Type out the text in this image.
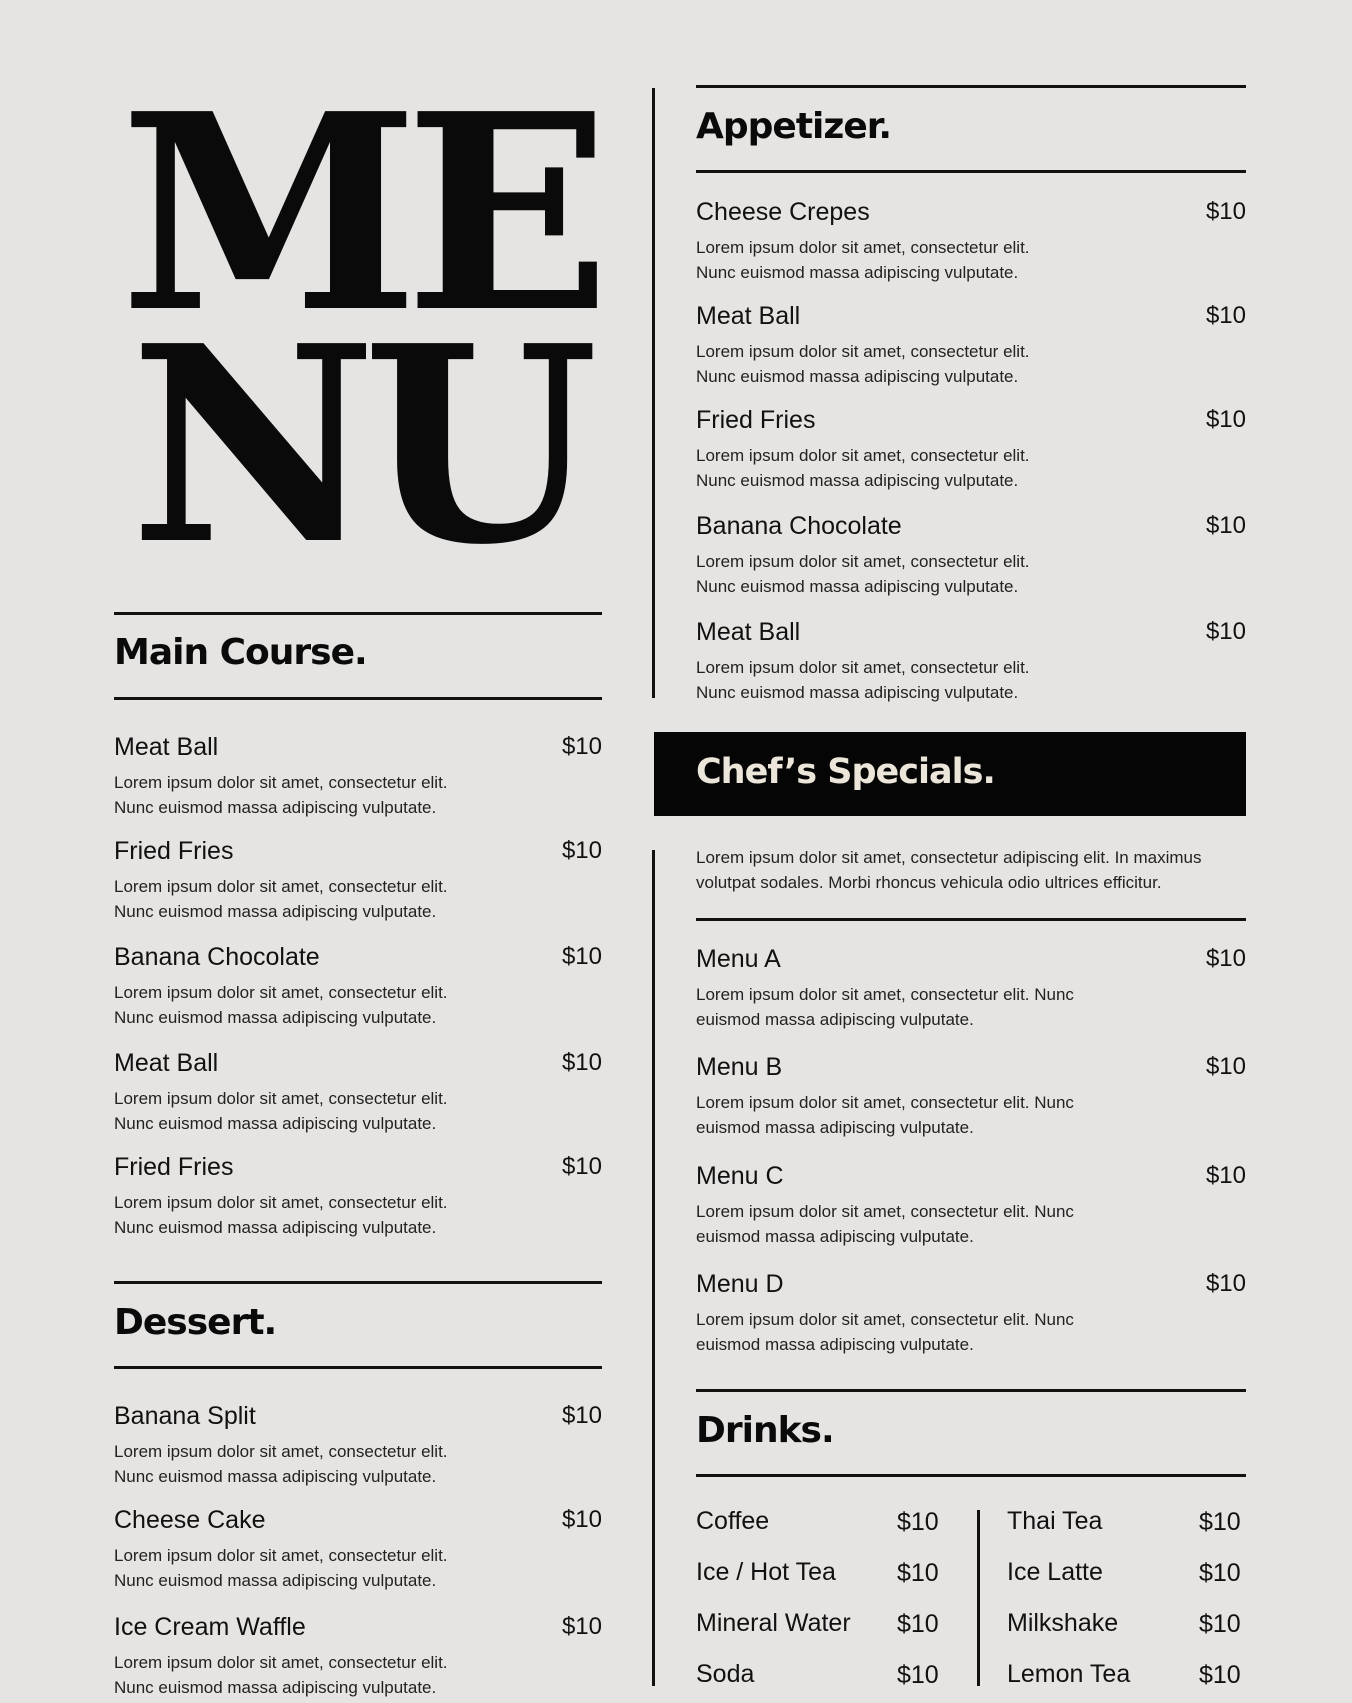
ME
NU
Main Course.
Meat Ball	$10
Lorem ipsum dolor sit amet, consectetur elit.
Nunc euismod massa adipiscing vulputate.
Fried Fries	$10
Lorem ipsum dolor sit amet, consectetur elit.
Nunc euismod massa adipiscing vulputate.
Banana Chocolate	$10
Lorem ipsum dolor sit amet, consectetur elit.
Nunc euismod massa adipiscing vulputate.
Meat Ball	$10
Lorem ipsum dolor sit amet, consectetur elit.
Nunc euismod massa adipiscing vulputate.
Fried Fries	$10
Lorem ipsum dolor sit amet, consectetur elit.
Nunc euismod massa adipiscing vulputate.
Dessert.
Banana Split	$10
Lorem ipsum dolor sit amet, consectetur elit.
Nunc euismod massa adipiscing vulputate.
Cheese Cake	$10
Lorem ipsum dolor sit amet, consectetur elit.
Nunc euismod massa adipiscing vulputate.
Ice Cream Waffle	$10
Lorem ipsum dolor sit amet, consectetur elit.
Nunc euismod massa adipiscing vulputate.
Appetizer.
Cheese Crepes	$10
Lorem ipsum dolor sit amet, consectetur elit.
Nunc euismod massa adipiscing vulputate.
Meat Ball	$10
Lorem ipsum dolor sit amet, consectetur elit.
Nunc euismod massa adipiscing vulputate.
Fried Fries	$10
Lorem ipsum dolor sit amet, consectetur elit.
Nunc euismod massa adipiscing vulputate.
Banana Chocolate	$10
Lorem ipsum dolor sit amet, consectetur elit.
Nunc euismod massa adipiscing vulputate.
Meat Ball	$10
Lorem ipsum dolor sit amet, consectetur elit.
Nunc euismod massa adipiscing vulputate.
Chef’s Specials.
Lorem ipsum dolor sit amet, consectetur adipiscing elit. In maximus volutpat sodales. Morbi rhoncus vehicula odio ultrices efficitur.
Menu A	$10
Lorem ipsum dolor sit amet, consectetur elit. Nunc
euismod massa adipiscing vulputate.
Menu B	$10
Lorem ipsum dolor sit amet, consectetur elit. Nunc
euismod massa adipiscing vulputate.
Menu C	$10
Lorem ipsum dolor sit amet, consectetur elit. Nunc
euismod massa adipiscing vulputate.
Menu D	$10
Lorem ipsum dolor sit amet, consectetur elit. Nunc
euismod massa adipiscing vulputate.
Drinks.
Coffee	$10
Ice / Hot Tea $10
Mineral Water $10
Soda	$10
Thai Tea	$10
Ice Latte	$10
Milkshake	$10
Lemon Tea	$10
